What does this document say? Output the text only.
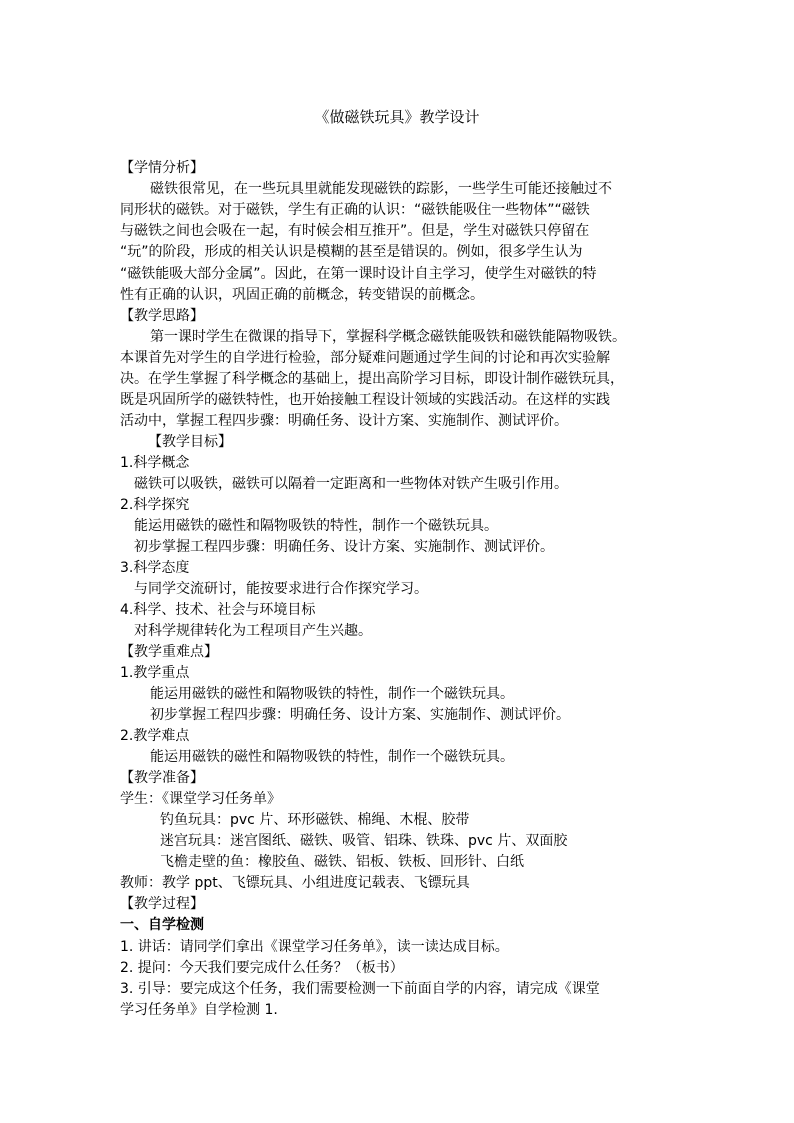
《做磁铁玩具》教学设计
【学情分析】
磁铁很常见，在一些玩具里就能发现磁铁的踪影，一些学生可能还接触过不
同形状的磁铁。对于磁铁，学生有正确的认识：“磁铁能吸住一些物体”“磁铁
与磁铁之间也会吸在一起，有时候会相互推开”。但是，学生对磁铁只停留在
“玩”的阶段，形成的相关认识是模糊的甚至是错误的。例如，很多学生认为
“磁铁能吸大部分金属”。因此，在第一课时设计自主学习，使学生对磁铁的特
性有正确的认识，巩固正确的前概念，转变错误的前概念。
【教学思路】
第一课时学生在微课的指导下，掌握科学概念磁铁能吸铁和磁铁能隔物吸铁。
本课首先对学生的自学进行检验，部分疑难问题通过学生间的讨论和再次实验解
决。在学生掌握了科学概念的基础上，提出高阶学习目标，即设计制作磁铁玩具，
既是巩固所学的磁铁特性，也开始接触工程设计领域的实践活动。在这样的实践
活动中，掌握工程四步骤：明确任务、设计方案、实施制作、测试评价。
【教学目标】
1.科学概念
磁铁可以吸铁，磁铁可以隔着一定距离和一些物体对铁产生吸引作用。
2.科学探究
能运用磁铁的磁性和隔物吸铁的特性，制作一个磁铁玩具。
初步掌握工程四步骤：明确任务、设计方案、实施制作、测试评价。
3.科学态度
与同学交流研讨，能按要求进行合作探究学习。
4.科学、技术、社会与环境目标
对科学规律转化为工程项目产生兴趣。
【教学重难点】
1.教学重点
能运用磁铁的磁性和隔物吸铁的特性，制作一个磁铁玩具。
初步掌握工程四步骤：明确任务、设计方案、实施制作、测试评价。
2.教学难点
能运用磁铁的磁性和隔物吸铁的特性，制作一个磁铁玩具。
【教学准备】
学生：《课堂学习任务单》
钓鱼玩具：pvc 片、环形磁铁、棉绳、木棍、胶带
迷宫玩具：迷宫图纸、磁铁、吸管、铝珠、铁珠、pvc 片、双面胶
飞檐走壁的鱼：橡胶鱼、磁铁、铝板、铁板、回形针、白纸
教师：教学 ppt、飞镖玩具、小组进度记载表、飞镖玩具
【教学过程】
一、自学检测
1. 讲话：请同学们拿出《课堂学习任务单》，读一读达成目标。
2. 提问：今天我们要完成什么任务？（板书）
3. 引导：要完成这个任务，我们需要检测一下前面自学的内容，请完成《课堂
学习任务单》自学检测 1.
